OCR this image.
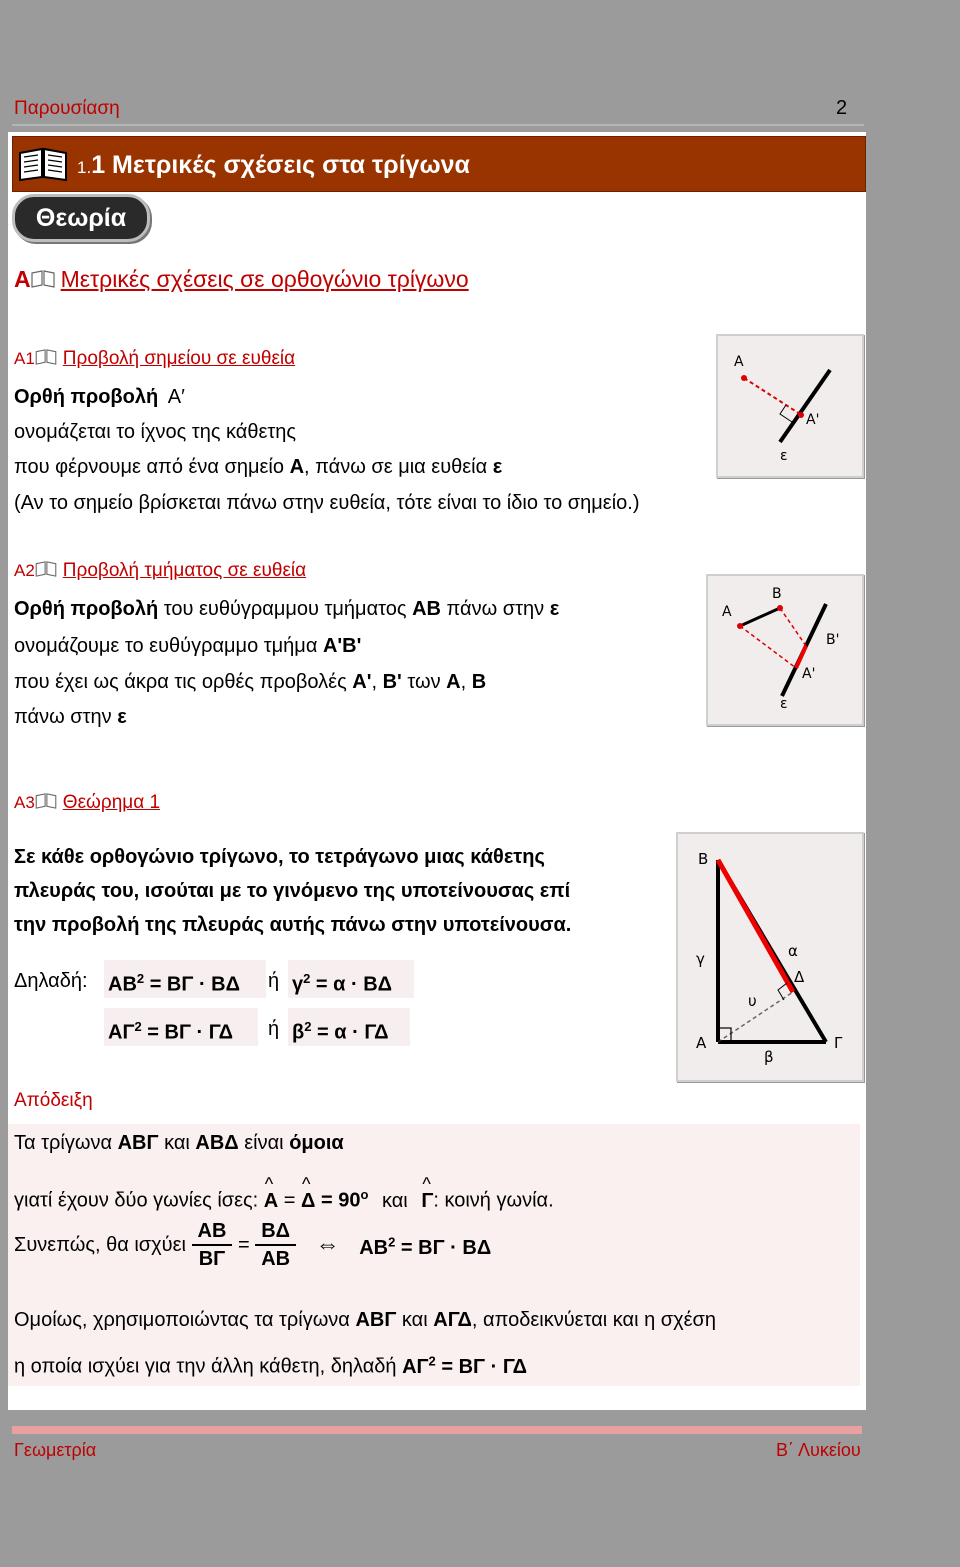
Παρουσίαση	2
1.1 Μετρικές σχέσεις στα τρίγωνα
Θεωρία
Α Μετρικές σχέσεις σε ορθογώνιο τρίγωνο
Α1 Προβολή σημείου σε ευθεία
Ορθή προβολή Α′
ονομάζεται το ίχνος της κάθετης
που φέρνουμε από ένα σημείο Α, πάνω σε μια ευθεία ε
(Αν το σημείο βρίσκεται πάνω στην ευθεία, τότε είναι το ίδιο το σημείο.)
Α
Α'
ε
Α2 Προβολή τμήματος σε ευθεία
Ορθή προβολή του ευθύγραμμου τμήματος ΑΒ πάνω στην ε
ονομάζουμε το ευθύγραμμο τμήμα Α'Β'
που έχει ως άκρα τις ορθές προβολές Α', Β' των Α, Β
πάνω στην ε
Α
Β
Β'
Α'
ε
Α3 Θεώρημα 1
Σε κάθε ορθογώνιο τρίγωνο, το τετράγωνο μιας κάθετης
πλευράς του, ισούται με το γινόμενο της υποτείνουσας επί
την προβολή της πλευράς αυτής πάνω στην υποτείνουσα.
Δηλαδή: $AB^2 = B\Gamma \cdot B\Delta$	ή $\gamma^2 = \alpha \cdot B\Delta$
$A\Gamma^2 = B\Gamma \cdot \Gamma\Delta$	ή $\beta^2 = \alpha \cdot \Gamma\Delta$
Β
Α	Γ
Δ
α
β
γ
υ
Απόδειξη
Τα τρίγωνα ΑΒΓ και ΑΒΔ είναι όμοια
γιατί έχουν δύο γωνίες ίσες: ^ Α = ^ $\Delta = 90^o$ και ^ Γ: κοινή γωνία.
Συνεπώς, θα ισχύει $\frac{AB}{B\Gamma} = \frac{B\Delta}{AB}$ ⇔ $AB^2 = B\Gamma \cdot B\Delta$
Ομοίως, χρησιμοποιώντας τα τρίγωνα ΑΒΓ και ΑΓΔ, αποδεικνύεται και η σχέση
η οποία ισχύει για την άλλη κάθετη, δηλαδή $A\Gamma^2 = B\Gamma \cdot \Gamma\Delta$
Γεωμετρία	Β΄ Λυκείου
